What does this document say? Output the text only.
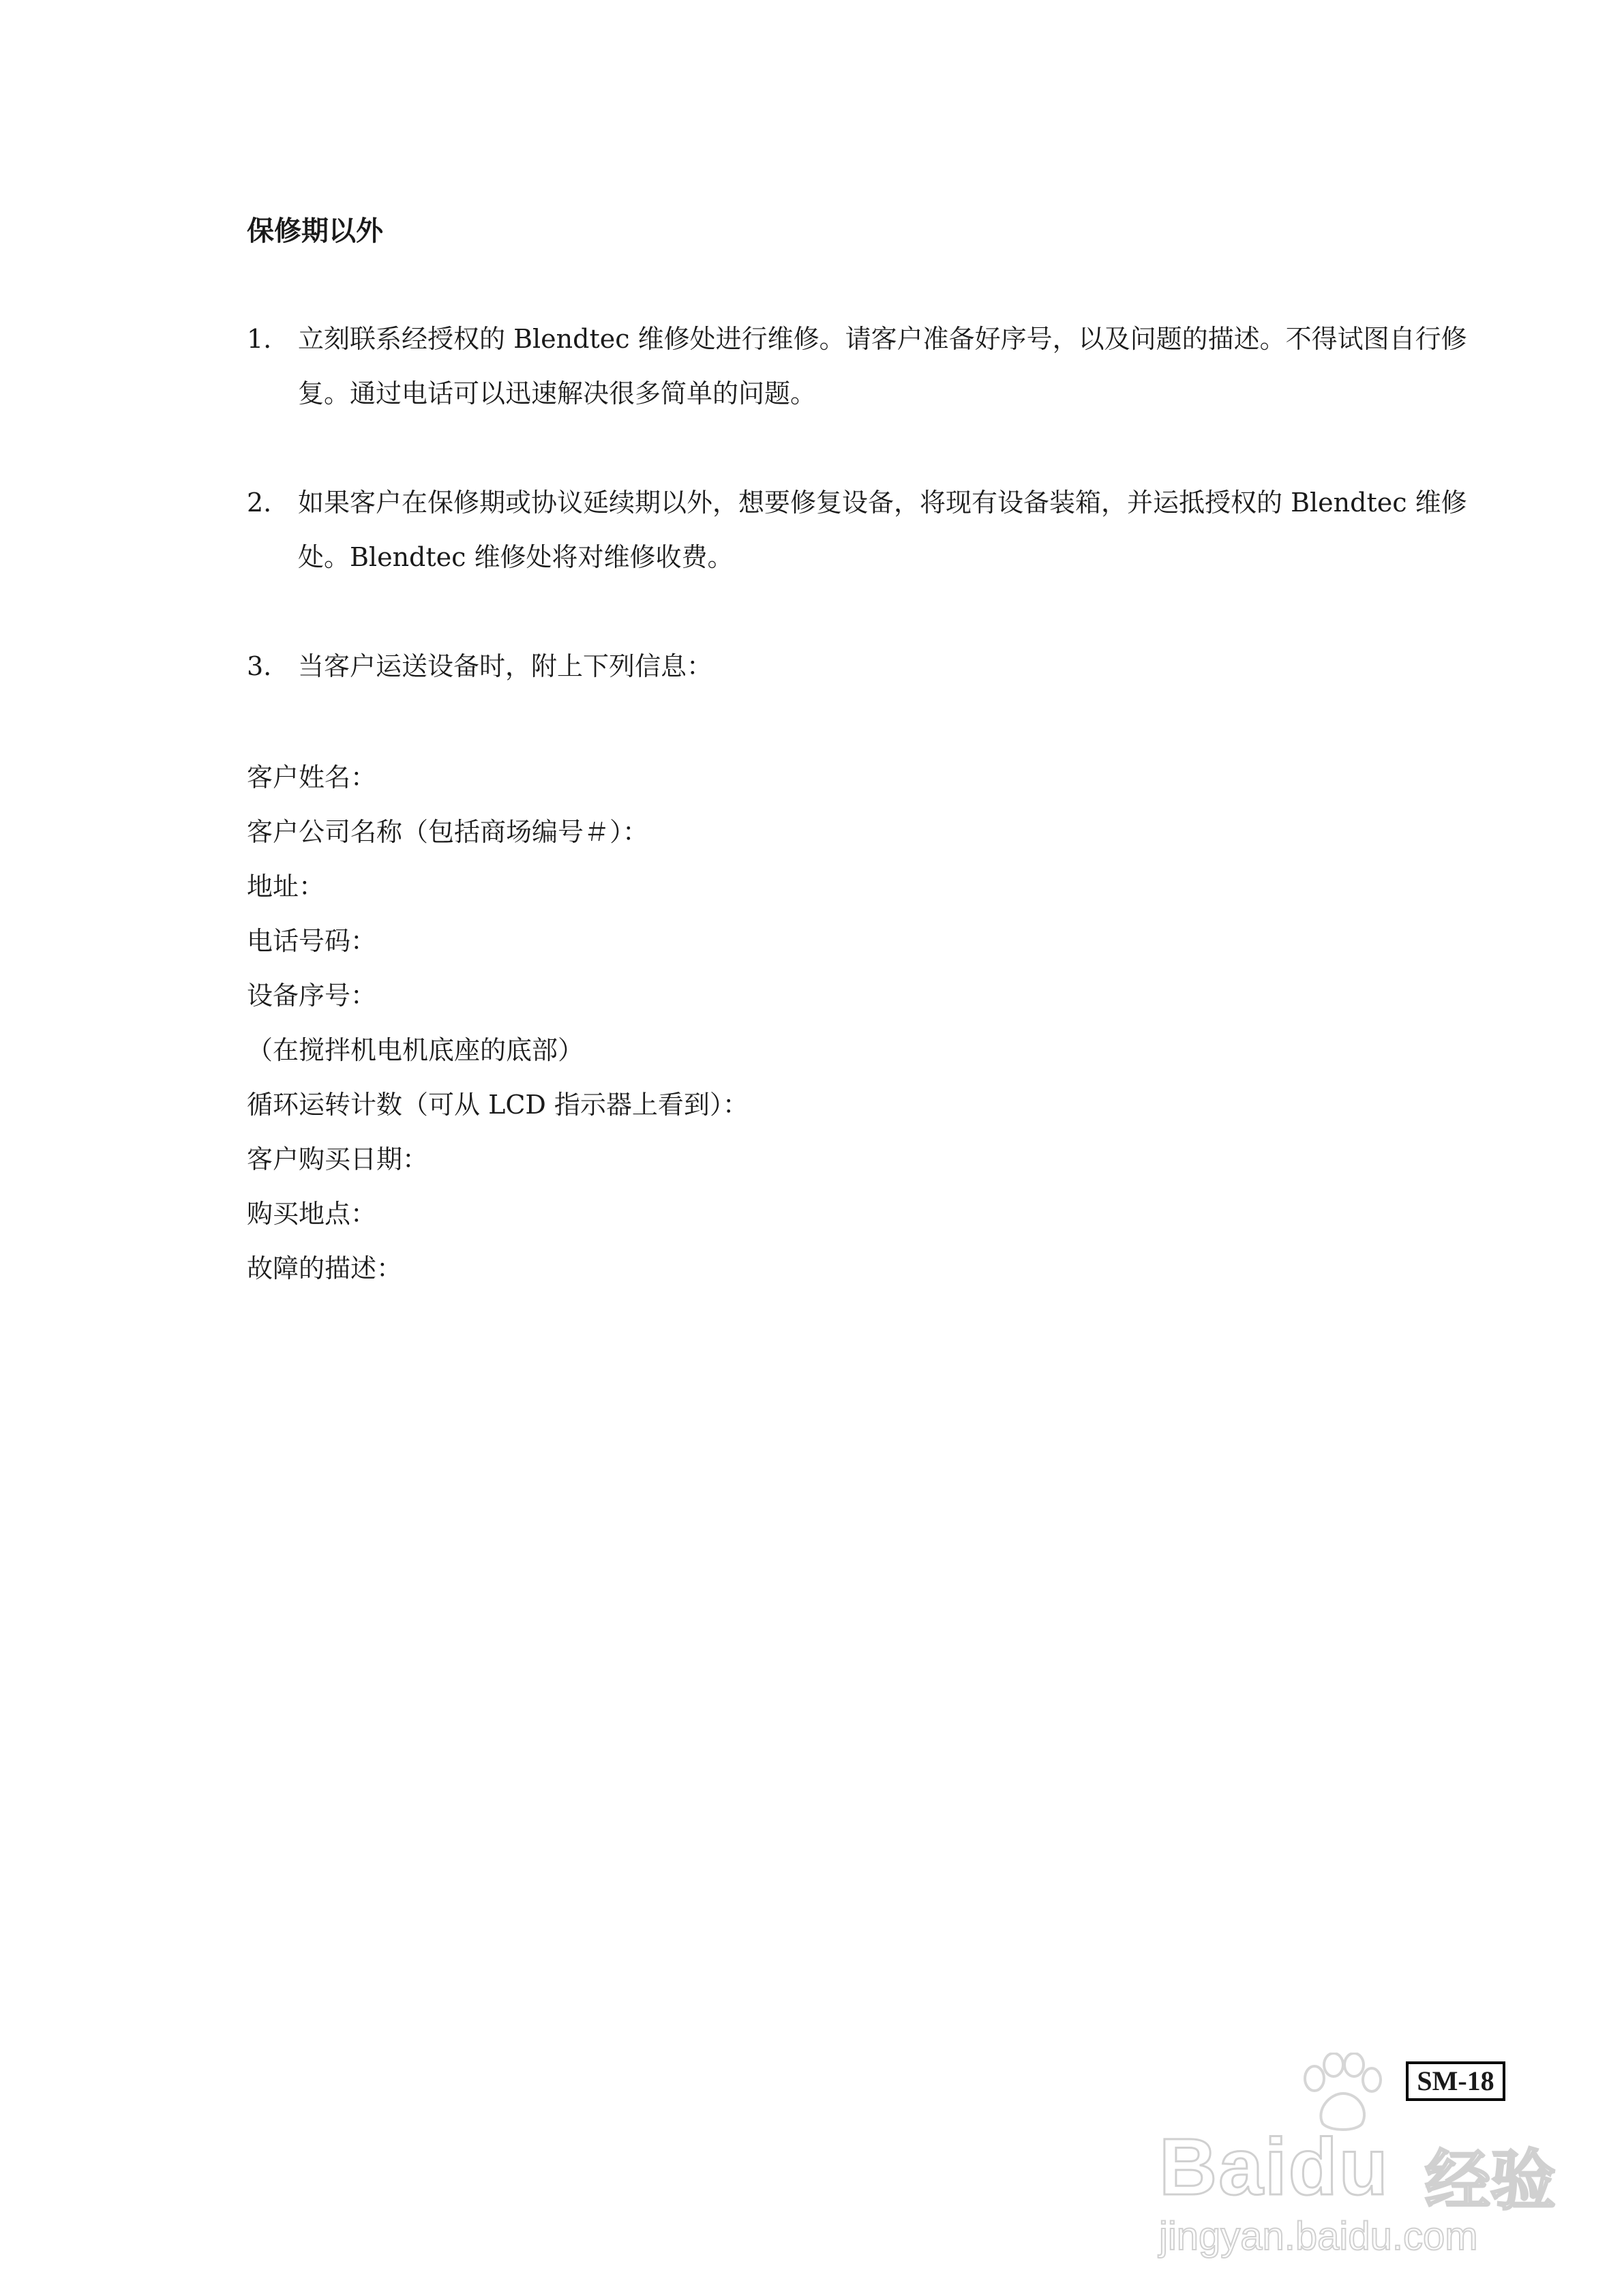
保修期以外
1. 立刻联系经授权的 Blendtec 维修处进行维修。请客户准备好序号，以及问题的描述。不得试图自行修复。通过电话可以迅速解决很多简单的问题。
2. 如果客户在保修期或协议延续期以外，想要修复设备，将现有设备装箱，并运抵授权的 Blendtec 维修处。Blendtec 维修处将对维修收费。
3. 当客户运送设备时，附上下列信息：
客户姓名：
客户公司名称（包括商场编号＃）：
地址：
电话号码：
设备序号：
（在搅拌机电机底座的底部）
循环运转计数（可从 LCD 指示器上看到）：
客户购买日期：
购买地点：
故障的描述：
SM-18
Baidu 经验
jingyan.baidu.com
